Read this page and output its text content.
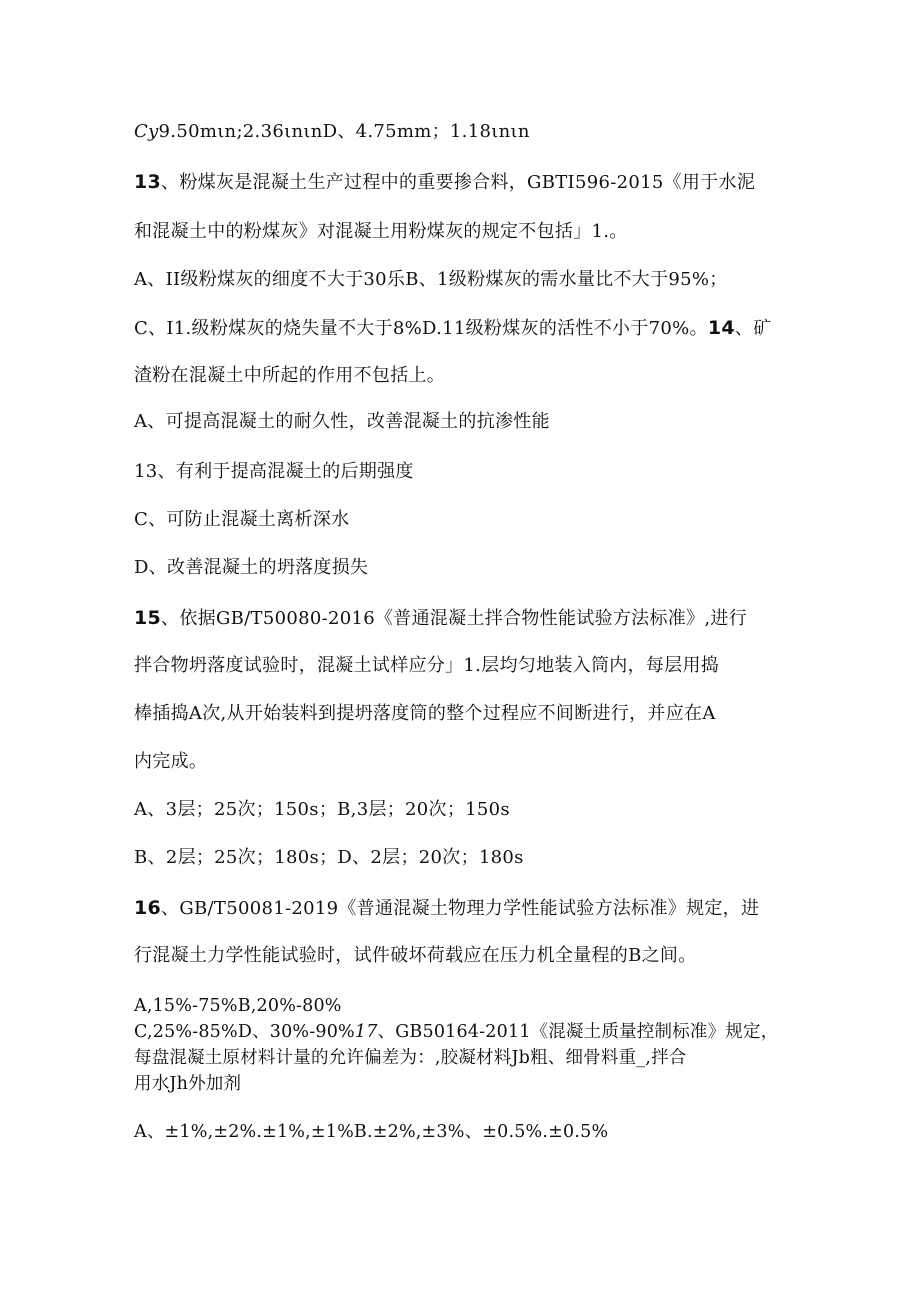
Cy9.50mιn;2.36ιnιnD、4.75mm；1.18ιnιn
13、粉煤灰是混凝土生产过程中的重要掺合料，GBTI596-2015《用于水泥
和混凝土中的粉煤灰》对混凝土用粉煤灰的规定不包括」1.。
A、II级粉煤灰的细度不大于30乐B、1级粉煤灰的需水量比不大于95%；
C、I1.级粉煤灰的烧失量不大于8%D.11级粉煤灰的活性不小于70%。14、矿
渣粉在混凝土中所起的作用不包括上。
A、可提高混凝土的耐久性，改善混凝土的抗渗性能
13、有利于提高混凝土的后期强度
C、可防止混凝土离析深水
D、改善混凝土的坍落度损失
15、依据GB/T50080-2016《普通混凝土拌合物性能试验方法标准》,进行
拌合物坍落度试验时，混凝土试样应分」1.层均匀地装入筒内，每层用捣
棒插捣A次,从开始装料到提坍落度筒的整个过程应不间断进行，并应在A
内完成。
A、3层；25次；150s；B,3层；20次；150s
B、2层；25次；180s；D、2层；20次；180s
16、GB/T50081-2019《普通混凝土物理力学性能试验方法标准》规定，进
行混凝土力学性能试验时，试件破坏荷载应在压力机全量程的B之间。
A,15%-75%B,20%-80%
C,25%-85%D、30%-90%17、GB50164-2011《混凝土质量控制标准》规定，
每盘混凝土原材料计量的允许偏差为：,胶凝材料Jb粗、细骨料重_,拌合
用水Jh外加剂
A、±1%,±2%.±1%,±1%B.±2%,±3%、±0.5%.±0.5%
